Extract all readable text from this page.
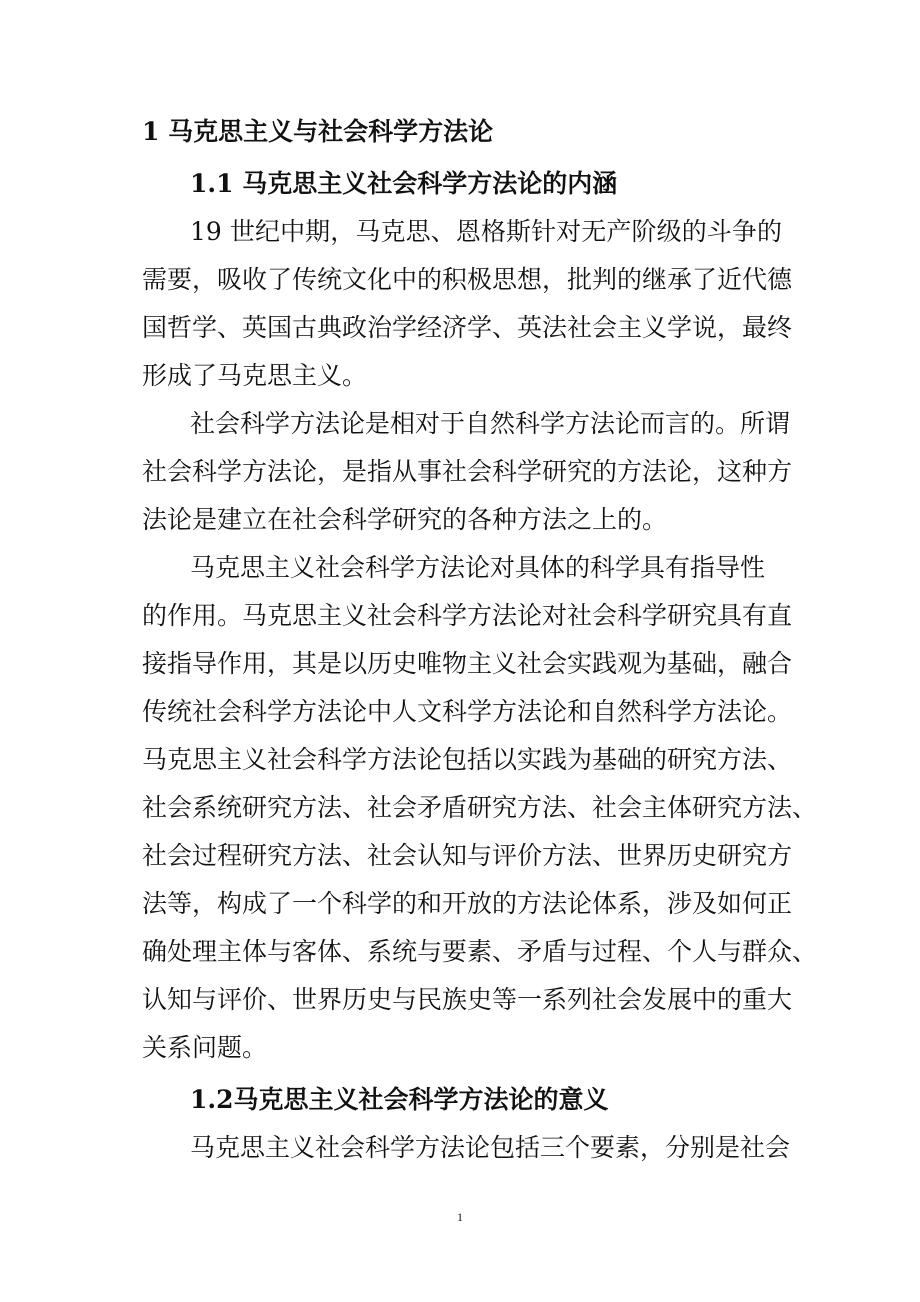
1 马克思主义与社会科学方法论
1.1 马克思主义社会科学方法论的内涵
19 世纪中期，马克思、恩格斯针对无产阶级的斗争的
需要，吸收了传统文化中的积极思想，批判的继承了近代德
国哲学、英国古典政治学经济学、英法社会主义学说，最终
形成了马克思主义。
社会科学方法论是相对于自然科学方法论而言的。所谓
社会科学方法论，是指从事社会科学研究的方法论，这种方
法论是建立在社会科学研究的各种方法之上的。
马克思主义社会科学方法论对具体的科学具有指导性
的作用。马克思主义社会科学方法论对社会科学研究具有直
接指导作用，其是以历史唯物主义社会实践观为基础，融合
传统社会科学方法论中人文科学方法论和自然科学方法论。
马克思主义社会科学方法论包括以实践为基础的研究方法、
社会系统研究方法、社会矛盾研究方法、社会主体研究方法、
社会过程研究方法、社会认知与评价方法、世界历史研究方
法等，构成了一个科学的和开放的方法论体系，涉及如何正
确处理主体与客体、系统与要素、矛盾与过程、个人与群众、
认知与评价、世界历史与民族史等一系列社会发展中的重大
关系问题。
1.2马克思主义社会科学方法论的意义
马克思主义社会科学方法论包括三个要素，分别是社会
1
